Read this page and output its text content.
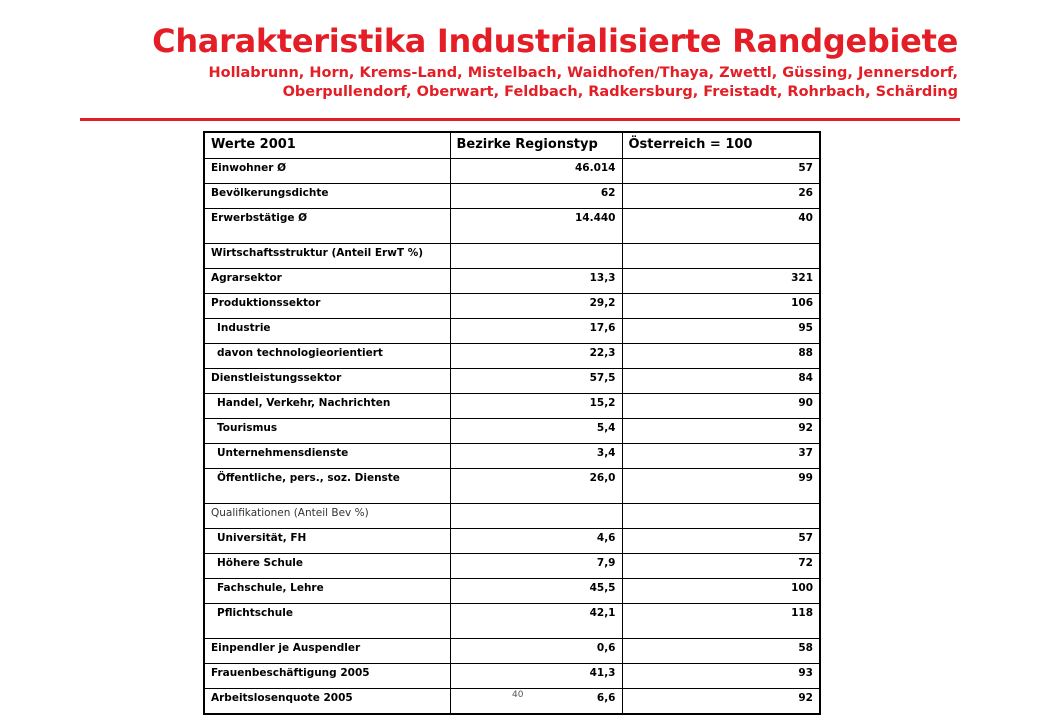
Charakteristika Industrialisierte Randgebiete
Hollabrunn, Horn, Krems-Land, Mistelbach, Waidhofen/Thaya, Zwettl, Güssing, Jennersdorf, Oberpullendorf, Oberwart, Feldbach, Radkersburg, Freistadt, Rohrbach, Schärding
Werte 2001	Bezirke Regionstyp	Österreich = 100
Einwohner Ø	46.014	57
Bevölkerungsdichte	62	26
Erwerbstätige Ø	14.440	40
Wirtschaftsstruktur (Anteil ErwT %)		
Agrarsektor	13,3	321
Produktionssektor	29,2	106
Industrie	17,6	95
davon technologieorientiert	22,3	88
Dienstleistungssektor	57,5	84
Handel, Verkehr, Nachrichten	15,2	90
Tourismus	5,4	92
Unternehmensdienste	3,4	37
Öffentliche, pers., soz. Dienste	26,0	99
Qualifikationen (Anteil Bev %)		
Universität, FH	4,6	57
Höhere Schule	7,9	72
Fachschule, Lehre	45,5	100
Pflichtschule	42,1	118
Einpendler je Auspendler	0,6	58
Frauenbeschäftigung 2005	41,3	93
Arbeitslosenquote 2005	6,6	92
40
